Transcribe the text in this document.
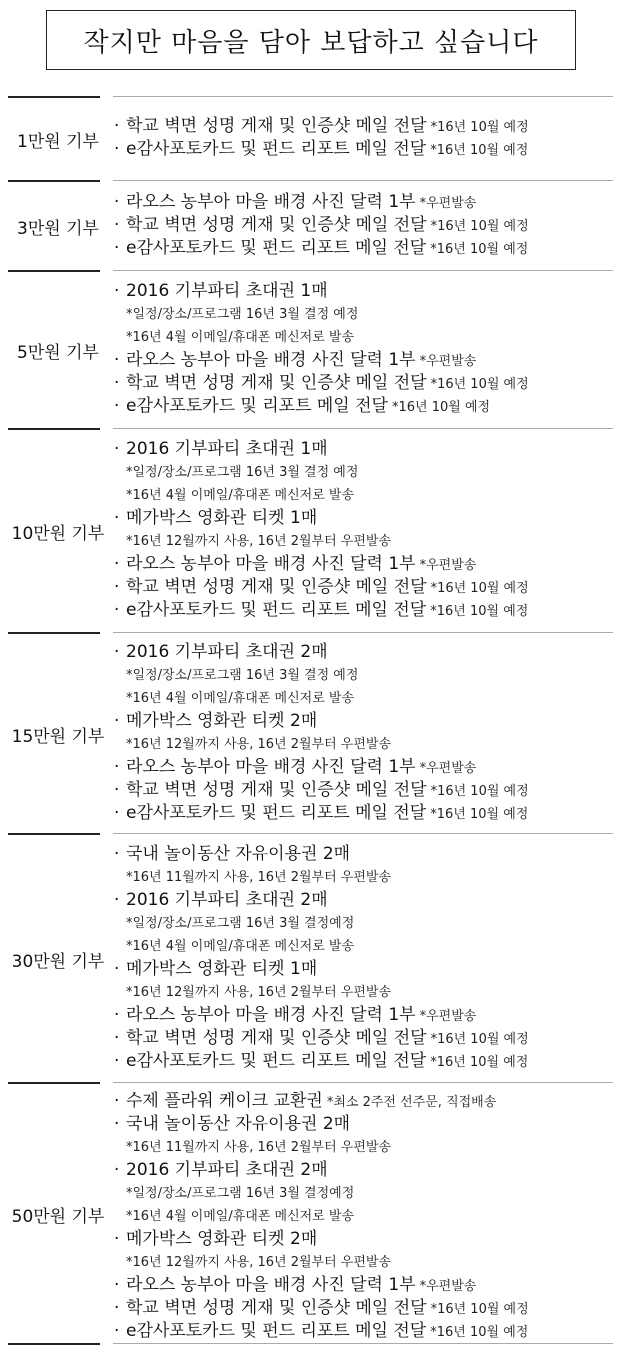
작지만 마음을 담아 보답하고 싶습니다
1만원 기부
· 학교 벽면 성명 게재 및 인증샷 메일 전달 *16년 10월 예정
· e감사포토카드 및 펀드 리포트 메일 전달 *16년 10월 예정
3만원 기부
· 라오스 농부아 마을 배경 사진 달력 1부 *우편발송
· 학교 벽면 성명 게재 및 인증샷 메일 전달 *16년 10월 예정
· e감사포토카드 및 펀드 리포트 메일 전달 *16년 10월 예정
5만원 기부
· 2016 기부파티 초대권 1매
*일정/장소/프로그램 16년 3월 결정 예정
*16년 4월 이메일/휴대폰 메신저로 발송
· 라오스 농부아 마을 배경 사진 달력 1부 *우편발송
· 학교 벽면 성명 게재 및 인증샷 메일 전달 *16년 10월 예정
· e감사포토카드 및 리포트 메일 전달 *16년 10월 예정
10만원 기부
· 2016 기부파티 초대권 1매
*일정/장소/프로그램 16년 3월 결정 예정
*16년 4월 이메일/휴대폰 메신저로 발송
· 메가박스 영화관 티켓 1매
*16년 12월까지 사용, 16년 2월부터 우편발송
· 라오스 농부아 마을 배경 사진 달력 1부 *우편발송
· 학교 벽면 성명 게재 및 인증샷 메일 전달 *16년 10월 예정
· e감사포토카드 및 펀드 리포트 메일 전달 *16년 10월 예정
15만원 기부
· 2016 기부파티 초대권 2매
*일정/장소/프로그램 16년 3월 결정 예정
*16년 4월 이메일/휴대폰 메신저로 발송
· 메가박스 영화관 티켓 2매
*16년 12월까지 사용, 16년 2월부터 우편발송
· 라오스 농부아 마을 배경 사진 달력 1부 *우편발송
· 학교 벽면 성명 게재 및 인증샷 메일 전달 *16년 10월 예정
· e감사포토카드 및 펀드 리포트 메일 전달 *16년 10월 예정
30만원 기부
· 국내 놀이동산 자유이용권 2매
*16년 11월까지 사용, 16년 2월부터 우편발송
· 2016 기부파티 초대권 2매
*일정/장소/프로그램 16년 3월 결정예정
*16년 4월 이메일/휴대폰 메신저로 발송
· 메가박스 영화관 티켓 1매
*16년 12월까지 사용, 16년 2월부터 우편발송
· 라오스 농부아 마을 배경 사진 달력 1부 *우편발송
· 학교 벽면 성명 게재 및 인증샷 메일 전달 *16년 10월 예정
· e감사포토카드 및 펀드 리포트 메일 전달 *16년 10월 예정
50만원 기부
· 수제 플라워 케이크 교환권 *최소 2주전 선주문, 직접배송
· 국내 놀이동산 자유이용권 2매
*16년 11월까지 사용, 16년 2월부터 우편발송
· 2016 기부파티 초대권 2매
*일정/장소/프로그램 16년 3월 결정예정
*16년 4월 이메일/휴대폰 메신저로 발송
· 메가박스 영화관 티켓 2매
*16년 12월까지 사용, 16년 2월부터 우편발송
· 라오스 농부아 마을 배경 사진 달력 1부 *우편발송
· 학교 벽면 성명 게재 및 인증샷 메일 전달 *16년 10월 예정
· e감사포토카드 및 펀드 리포트 메일 전달 *16년 10월 예정
